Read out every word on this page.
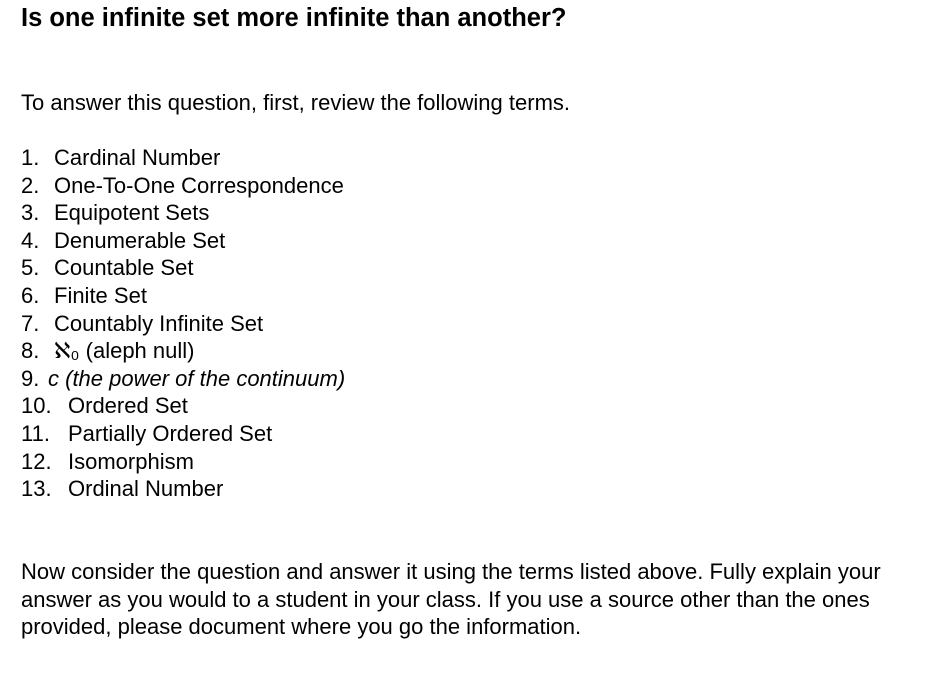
Is one infinite set more infinite than another?

To answer this question, first, review the following terms.

1. Cardinal Number
2. One-To-One Correspondence
3. Equipotent Sets
4. Denumerable Set
5. Countable Set
6. Finite Set
7. Countably Infinite Set
8. ℵ₀ (aleph null)
9. c (the power of the continuum)
10. Ordered Set
11. Partially Ordered Set
12. Isomorphism
13. Ordinal Number

Now consider the question and answer it using the terms listed above. Fully explain your answer as you would to a student in your class. If you use a source other than the ones provided, please document where you go the information.
